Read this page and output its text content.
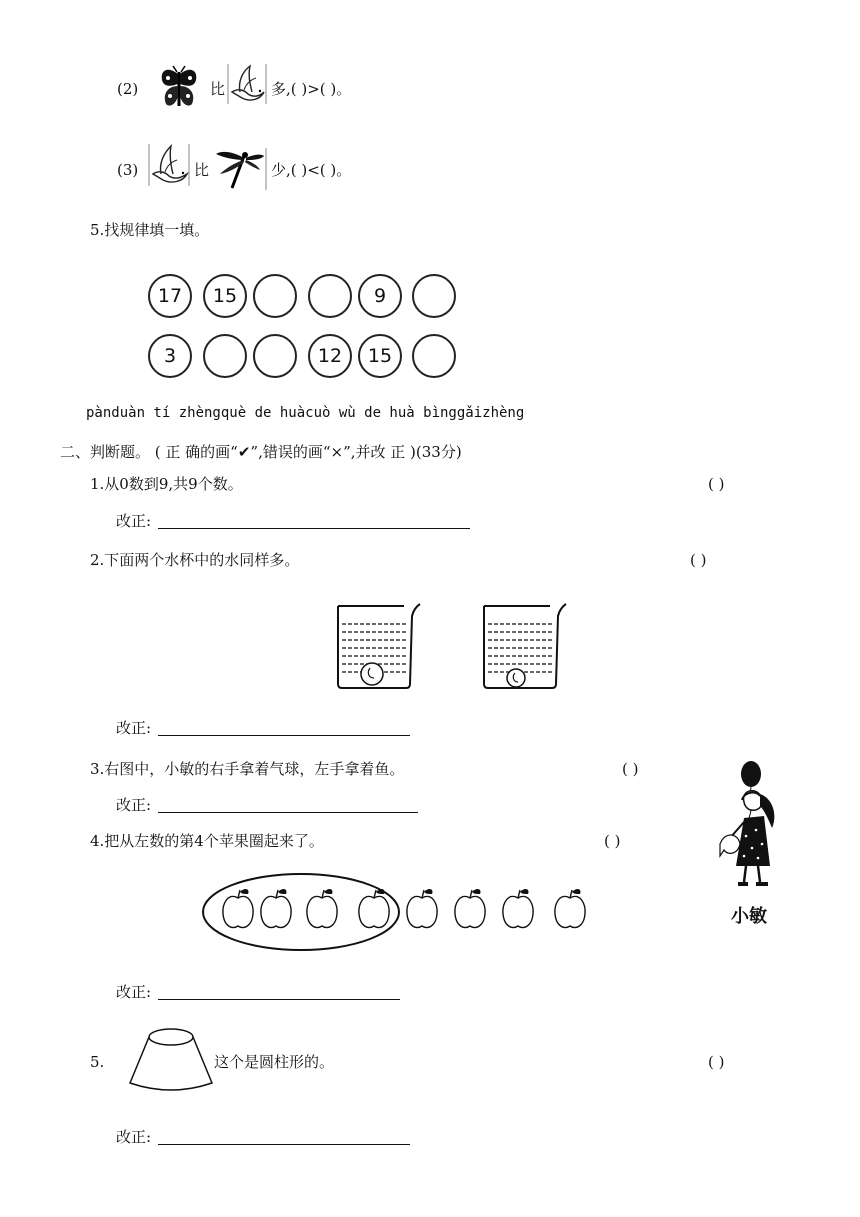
(2)	比	多,( )>( )。
(3)	比	少,( )<( )。
5.找规律填一填。
17	15	9
3	12	15
pànduàn tí zhèngquè de huàcuò wù de huà bìnggǎizhèng
二、判断题。 ( 正 确的画“✔”,错误的画“×”,并改 正 )(33分)
1.从0数到9,共9个数。	( )
改正:
2.下面两个水杯中的水同样多。	( )
改正:
3.右图中，小敏的右手拿着气球，左手拿着鱼。	( )
改正:
小敏
4.把从左数的第4个苹果圈起来了。	( )
改正:
5.	这个是圆柱形的。	( )
改正:
